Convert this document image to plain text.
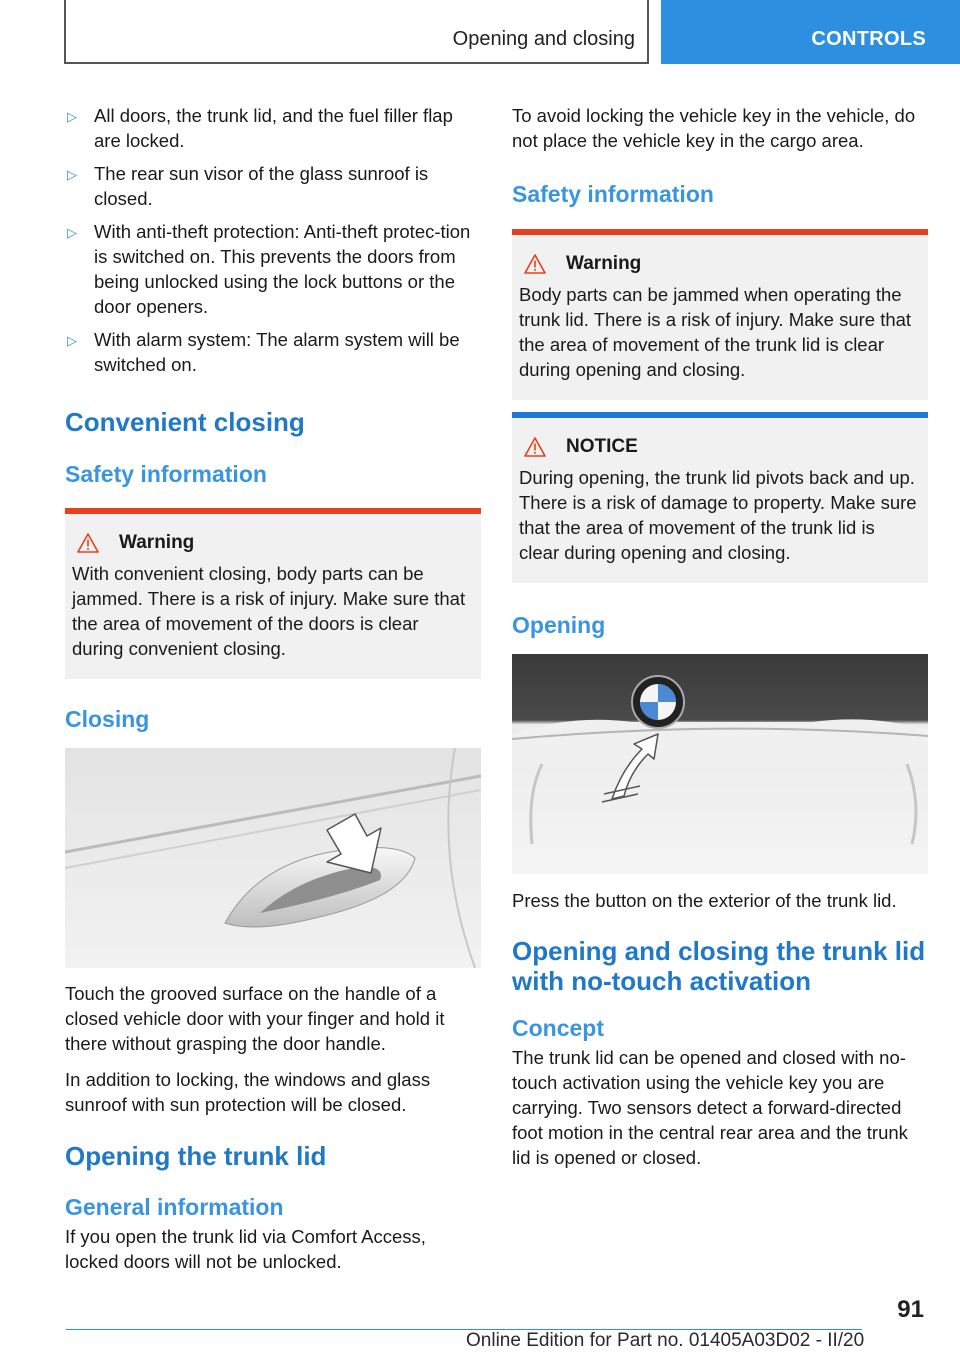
Opening and closing	CONTROLS
▷ All doors, the trunk lid, and the fuel filler flap are locked.
▷ The rear sun visor of the glass sunroof is closed.
▷ With anti-theft protection: Anti-theft protec‐tion is switched on. This prevents the doors from being unlocked using the lock buttons or the door openers.
▷ With alarm system: The alarm system will be switched on.
Convenient closing
Safety information
Warning
With convenient closing, body parts can be jammed. There is a risk of injury. Make sure that the area of movement of the doors is clear during convenient closing.
Closing

Touch the grooved surface on the handle of a closed vehicle door with your finger and hold it there without grasping the door handle.

In addition to locking, the windows and glass sunroof with sun protection will be closed.

Opening the trunk lid
General information

If you open the trunk lid via Comfort Access, locked doors will not be unlocked.

To avoid locking the vehicle key in the vehicle, do not place the vehicle key in the cargo area.

Safety information
Warning
Body parts can be jammed when operating the trunk lid. There is a risk of injury. Make sure that the area of movement of the trunk lid is clear during opening and closing.
NOTICE
During opening, the trunk lid pivots back and up. There is a risk of damage to property. Make sure that the area of movement of the trunk lid is clear during opening and closing.
Opening

Press the button on the exterior of the trunk lid.

Opening and closing the trunk lid with no-touch activation
Concept

The trunk lid can be opened and closed with no-touch activation using the vehicle key you are carrying. Two sensors detect a forward-directed foot motion in the central rear area and the trunk lid is opened or closed.

91
Online Edition for Part no. 01405A03D02 - II/20
